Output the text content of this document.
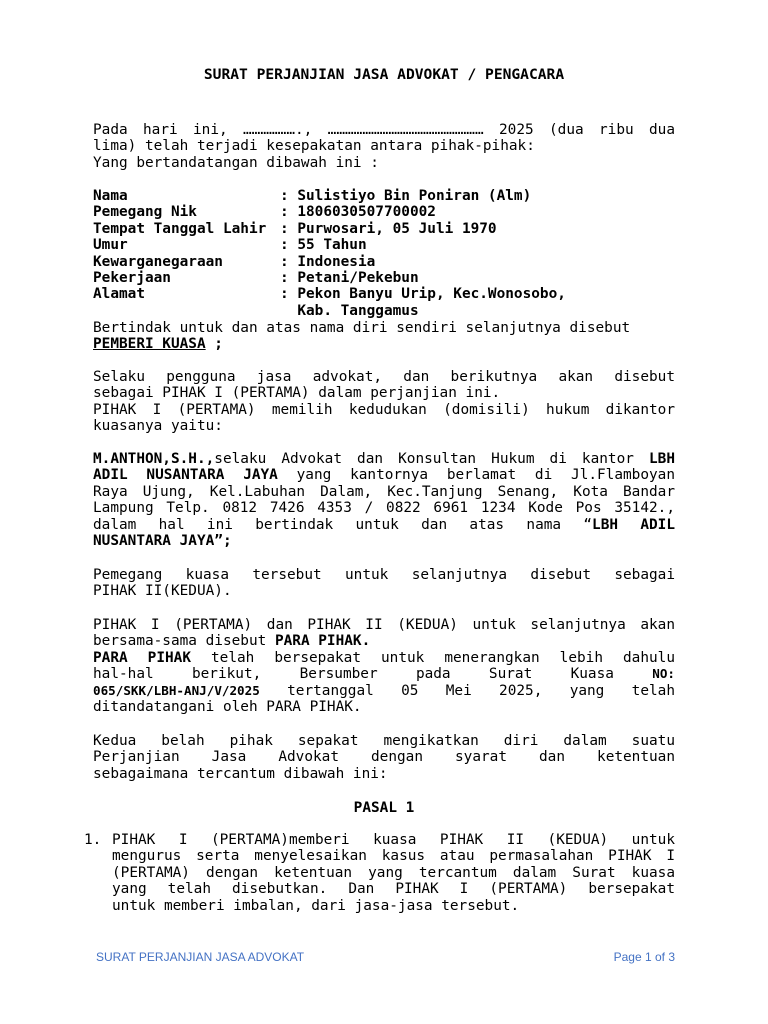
SURAT PERJANJIAN JASA ADVOKAT / PENGACARA
Pada hari ini, ………………., ……………………………………………… 2025 (dua ribu dua
lima) telah terjadi kesepakatan antara pihak-pihak:
Yang bertandatangan dibawah ini :
Nama	: Sulistiyo Bin Poniran (Alm)
Pemegang Nik	: 1806030507700002
Tempat Tanggal Lahir	: Purwosari, 05 Juli 1970
Umur	: 55 Tahun
Kewarganegaraan	: Indonesia
Pekerjaan	: Petani/Pekebun
Alamat	: Pekon Banyu Urip, Kec.Wonosobo,
	Kab. Tanggamus
Bertindak untuk dan atas nama diri sendiri selanjutnya disebut
PEMBERI KUASA ;
Selaku pengguna jasa advokat, dan berikutnya akan disebut
sebagai PIHAK I (PERTAMA) dalam perjanjian ini.
PIHAK I (PERTAMA) memilih kedudukan (domisili) hukum dikantor
kuasanya yaitu:
M.ANTHON,S.H.,selaku Advokat dan Konsultan Hukum di kantor LBH
ADIL NUSANTARA JAYA yang kantornya berlamat di Jl.Flamboyan
Raya Ujung, Kel.Labuhan Dalam, Kec.Tanjung Senang, Kota Bandar
Lampung Telp. 0812 7426 4353 / 0822 6961 1234 Kode Pos 35142.,
dalam hal ini bertindak untuk dan atas nama “LBH ADIL
NUSANTARA JAYA”;
Pemegang kuasa tersebut untuk selanjutnya disebut sebagai
PIHAK II(KEDUA).
PIHAK I (PERTAMA) dan PIHAK II (KEDUA) untuk selanjutnya akan
bersama-sama disebut PARA PIHAK.
PARA PIHAK telah bersepakat untuk menerangkan lebih dahulu
hal-hal berikut, Bersumber pada Surat Kuasa NO:
065/SKK/LBH-ANJ/V/2025 tertanggal 05 Mei 2025, yang telah
ditandatangani oleh PARA PIHAK.
Kedua belah pihak sepakat mengikatkan diri dalam suatu
Perjanjian Jasa Advokat dengan syarat dan ketentuan
sebagaimana tercantum dibawah ini:
PASAL 1
1. PIHAK I (PERTAMA)memberi kuasa PIHAK II (KEDUA) untuk
mengurus serta menyelesaikan kasus atau permasalahan PIHAK I
(PERTAMA) dengan ketentuan yang tercantum dalam Surat kuasa
yang telah disebutkan. Dan PIHAK I (PERTAMA) bersepakat
untuk memberi imbalan, dari jasa-jasa tersebut.
SURAT PERJANJIAN JASA ADVOKAT	Page 1 of 3
